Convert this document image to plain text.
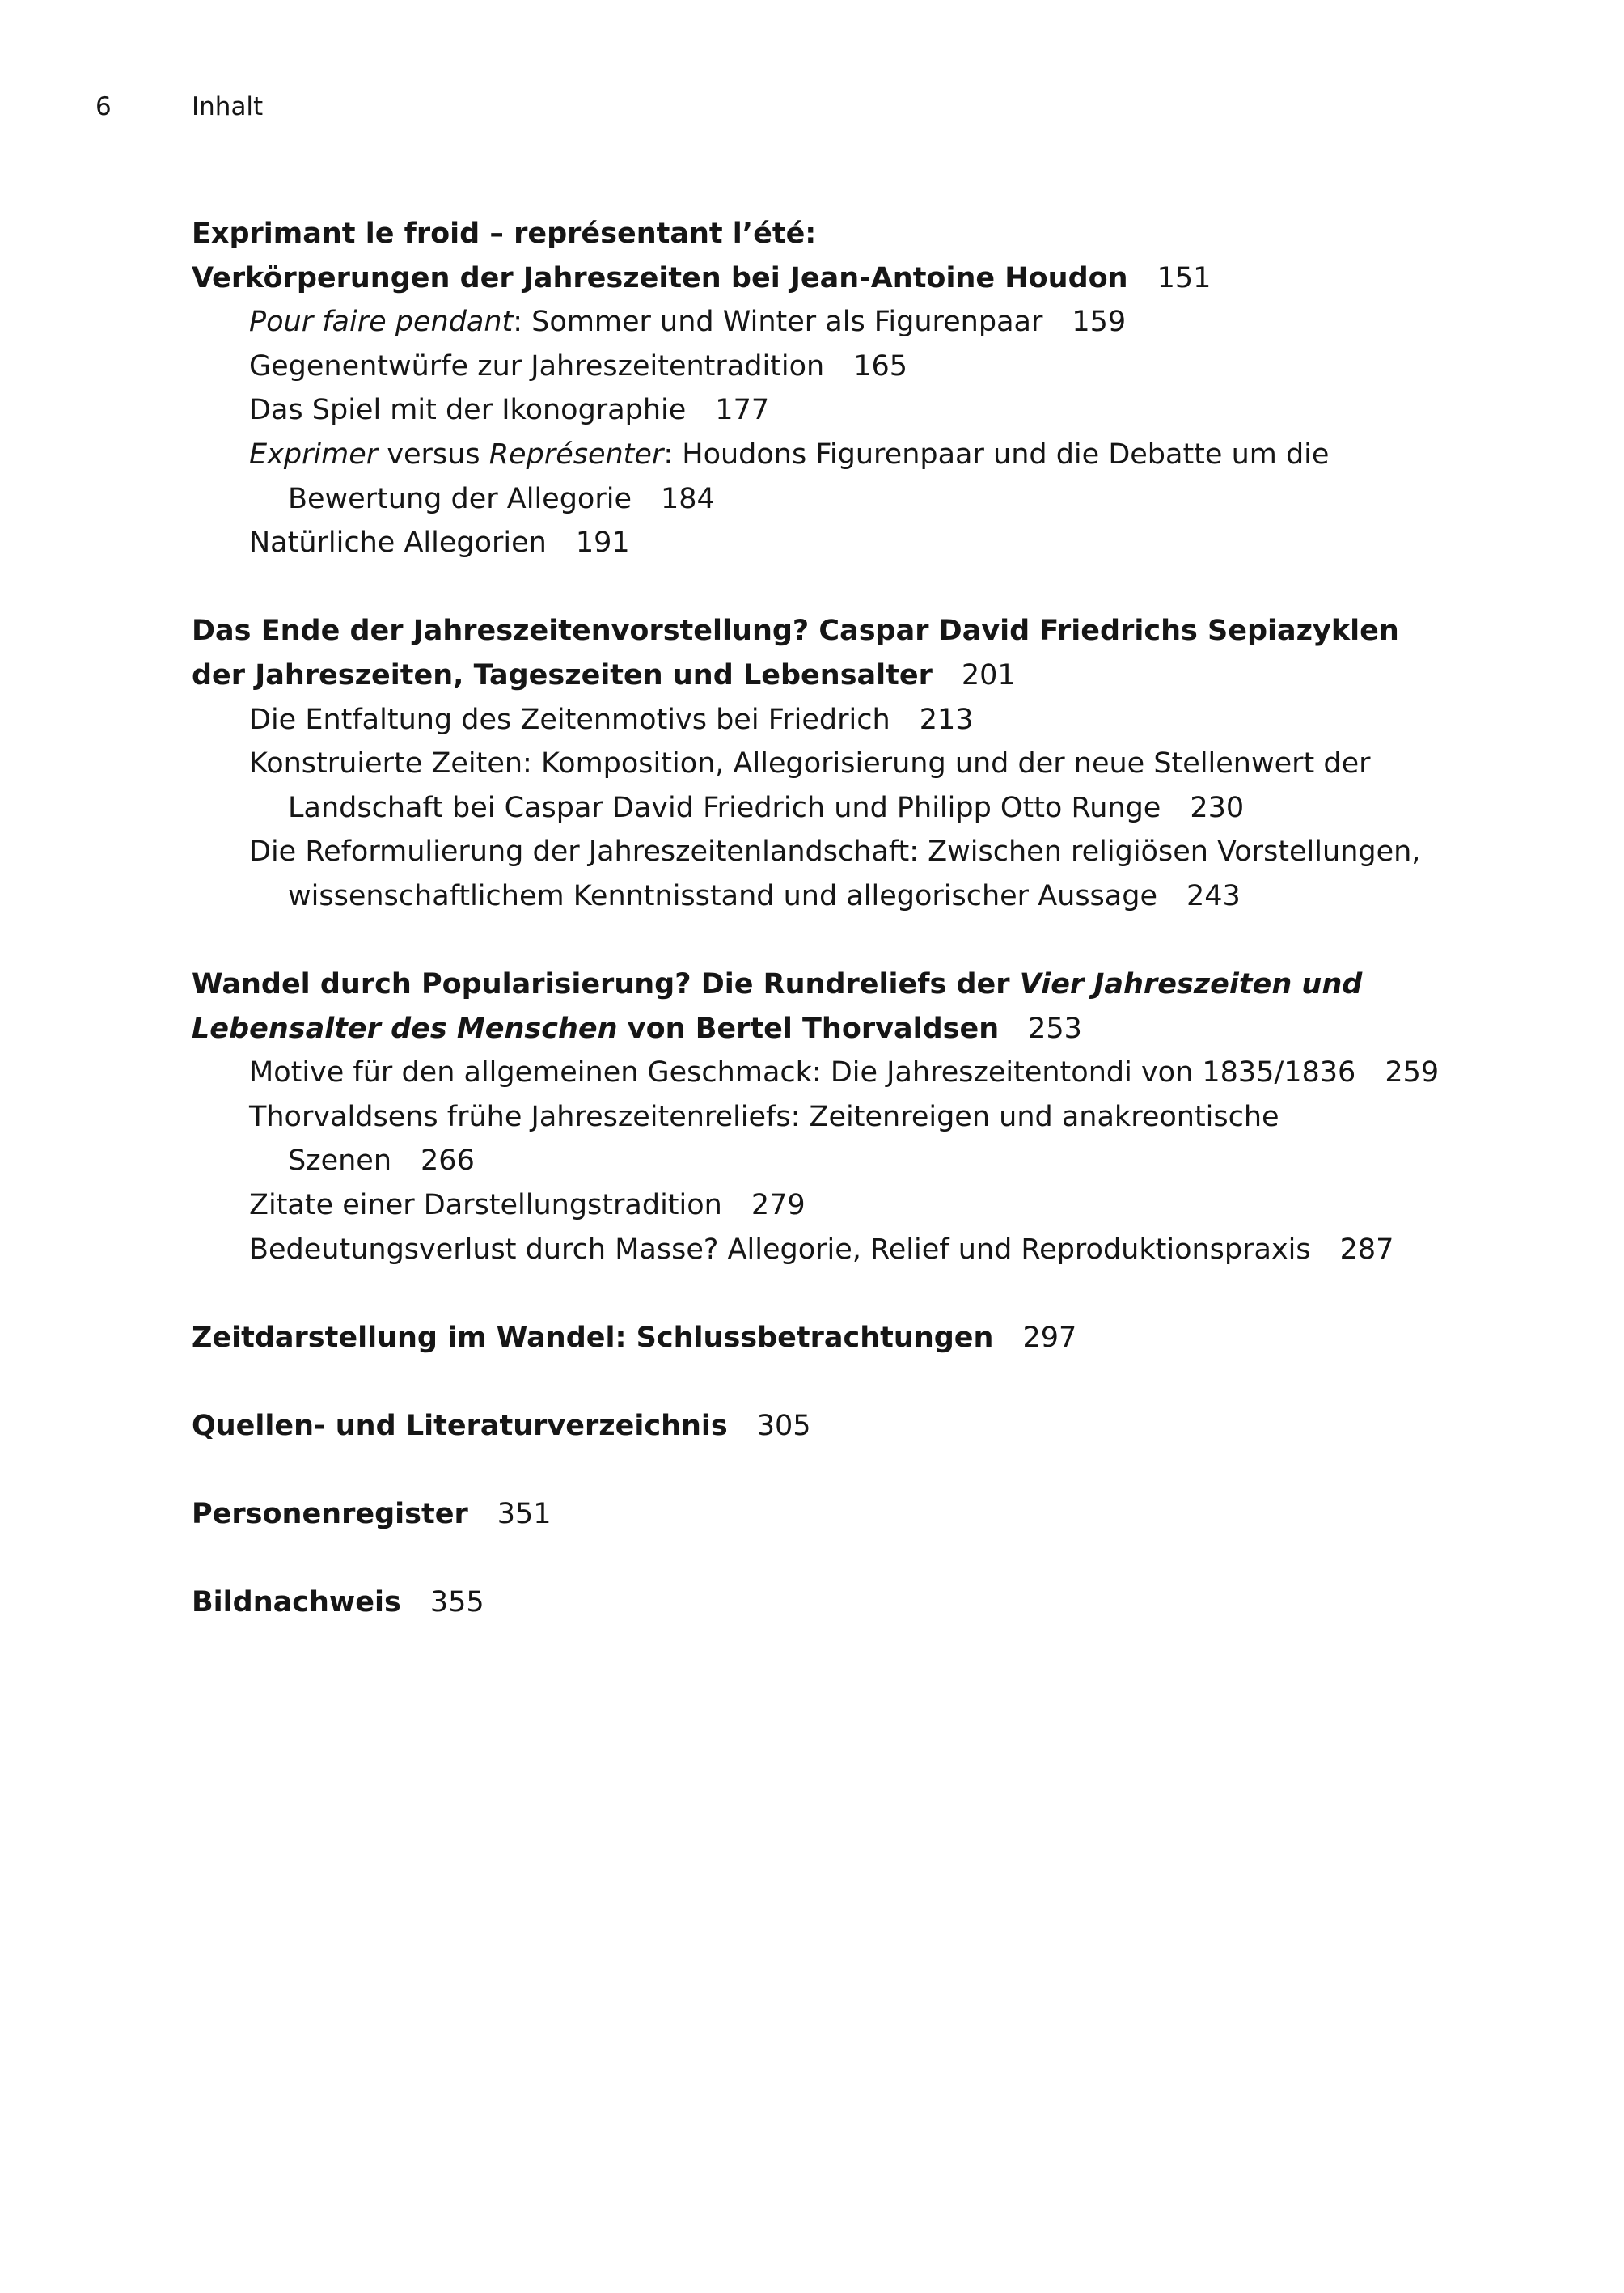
6	Inhalt

Exprimant le froid – représentant l’été:
Verkörperungen der Jahreszeiten bei Jean-Antoine Houdon 151

Pour faire pendant: Sommer und Winter als Figurenpaar 159

Gegenentwürfe zur Jahreszeitentradition 165

Das Spiel mit der Ikonographie 177

Exprimer versus Représenter: Houdons Figurenpaar und die Debatte um die Bewertung der Allegorie 184

Natürliche Allegorien 191

Das Ende der Jahreszeitenvorstellung? Caspar David Friedrichs Sepiazyklen
der Jahreszeiten, Tageszeiten und Lebensalter 201

Die Entfaltung des Zeitenmotivs bei Friedrich 213

Konstruierte Zeiten: Komposition, Allegorisierung und der neue Stellenwert der Landschaft bei Caspar David Friedrich und Philipp Otto Runge 230

Die Reformulierung der Jahreszeitenlandschaft: Zwischen religiösen Vorstellungen, wissenschaftlichem Kenntnisstand und allegorischer Aussage 243

Wandel durch Popularisierung? Die Rundreliefs der Vier Jahreszeiten und Lebensalter des Menschen von Bertel Thorvaldsen 253

Motive für den allgemeinen Geschmack: Die Jahreszeitentondi von 1835/1836 259

Thorvaldsens frühe Jahreszeitenreliefs: Zeitenreigen und anakreontische Szenen 266

Zitate einer Darstellungstradition 279

Bedeutungsverlust durch Masse? Allegorie, Relief und Reproduktionspraxis 287

Zeitdarstellung im Wandel: Schlussbetrachtungen 297

Quellen- und Literaturverzeichnis 305

Personenregister 351

Bildnachweis 355
